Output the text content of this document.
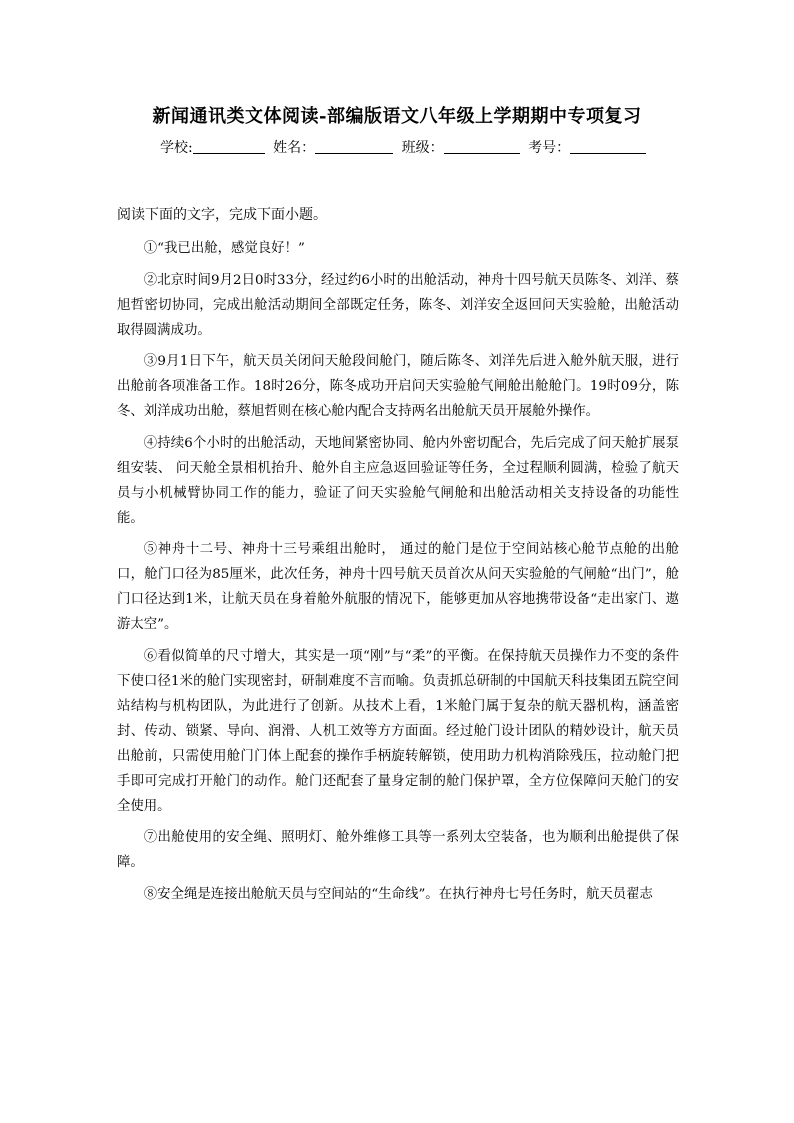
新闻通讯类文体阅读-部编版语文八年级上学期期中专项复习
学校:	姓名：	班级：	考号：
阅读下面的文字，完成下面小题。

①“我已出舱，感觉良好！”

②北京时间9月2日0时33分，经过约6小时的出舱活动，神舟十四号航天员陈冬、刘洋、蔡旭哲密切协同，完成出舱活动期间全部既定任务，陈冬、刘洋安全返回问天实验舱，出舱活动取得圆满成功。

③9月1日下午，航天员关闭问天舱段间舱门，随后陈冬、刘洋先后进入舱外航天服，进行出舱前各项准备工作。18时26分，陈冬成功开启问天实验舱气闸舱出舱舱门。19时09分，陈冬、刘洋成功出舱，蔡旭哲则在核心舱内配合支持两名出舱航天员开展舱外操作。

④持续6个小时的出舱活动，天地间紧密协同、舱内外密切配合，先后完成了问天舱扩展泵组安装、 问天舱全景相机抬升、舱外自主应急返回验证等任务，全过程顺利圆满，检验了航天员与小机械臂协同工作的能力，验证了问天实验舱气闸舱和出舱活动相关支持设备的功能性能。

⑤神舟十二号、神舟十三号乘组出舱时， 通过的舱门是位于空间站核心舱节点舱的出舱口，舱门口径为85厘米，此次任务，神舟十四号航天员首次从问天实验舱的气闸舱“出门”，舱门口径达到1米，让航天员在身着舱外航服的情况下，能够更加从容地携带设备“走出家门、遨游太空”。

⑥看似简单的尺寸增大，其实是一项“刚”与“柔”的平衡。在保持航天员操作力不变的条件下使口径1米的舱门实现密封，研制难度不言而喻。负责抓总研制的中国航天科技集团五院空间站结构与机构团队，为此进行了创新。从技术上看，1米舱门属于复杂的航天器机构，涵盖密封、传动、锁紧、导向、润滑、人机工效等方方面面。经过舱门设计团队的精妙设计，航天员出舱前，只需使用舱门门体上配套的操作手柄旋转解锁，使用助力机构消除残压，拉动舱门把手即可完成打开舱门的动作。舱门还配套了量身定制的舱门保护罩，全方位保障问天舱门的安全使用。

⑦出舱使用的安全绳、照明灯、舱外维修工具等一系列太空装备，也为顺利出舱提供了保障。

⑧安全绳是连接出舱航天员与空间站的“生命线”。在执行神舟七号任务时，航天员翟志
